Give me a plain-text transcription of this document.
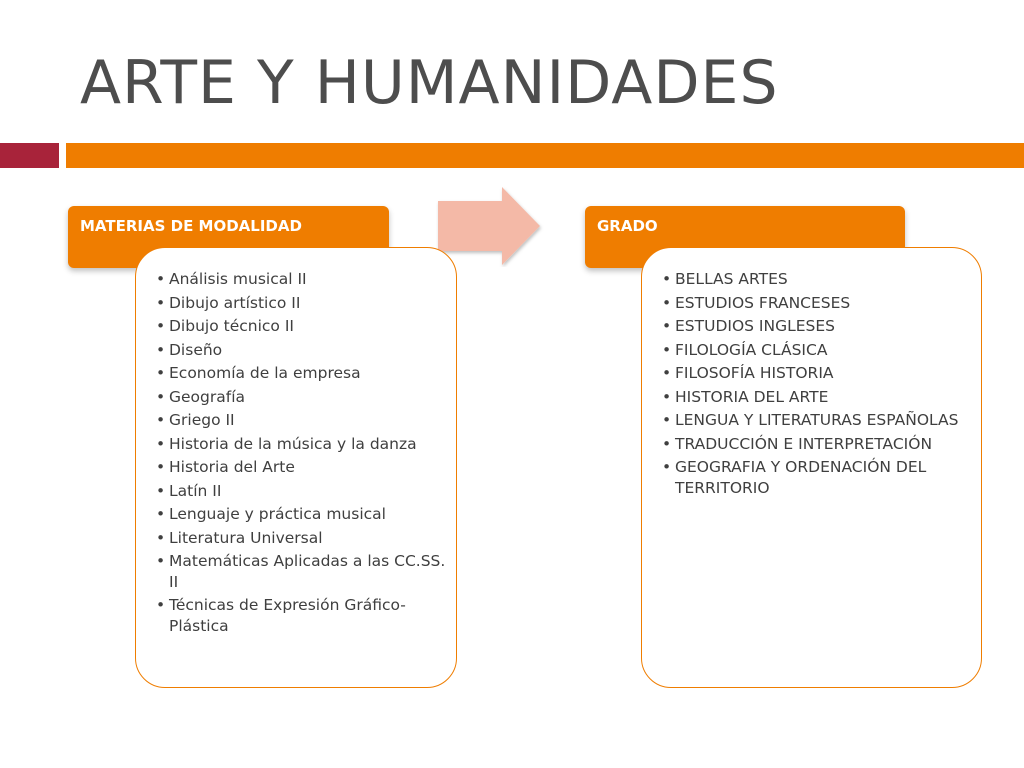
ARTE Y HUMANIDADES
MATERIAS DE MODALIDAD
• Análisis musical II
• Dibujo artístico II
• Dibujo técnico II
• Diseño
• Economía de la empresa
• Geografía
• Griego II
• Historia de la música y la danza
• Historia del Arte
• Latín II
• Lenguaje y práctica musical
• Literatura Universal
• Matemáticas Aplicadas a las CC.SS. II
• Técnicas de Expresión Gráfico-Plástica
GRADO
• BELLAS ARTES
• ESTUDIOS FRANCESES
• ESTUDIOS INGLESES
• FILOLOGÍA CLÁSICA
• FILOSOFÍA HISTORIA
• HISTORIA DEL ARTE
• LENGUA Y LITERATURAS ESPAÑOLAS
• TRADUCCIÓN E INTERPRETACIÓN
• GEOGRAFIA Y ORDENACIÓN DEL TERRITORIO
